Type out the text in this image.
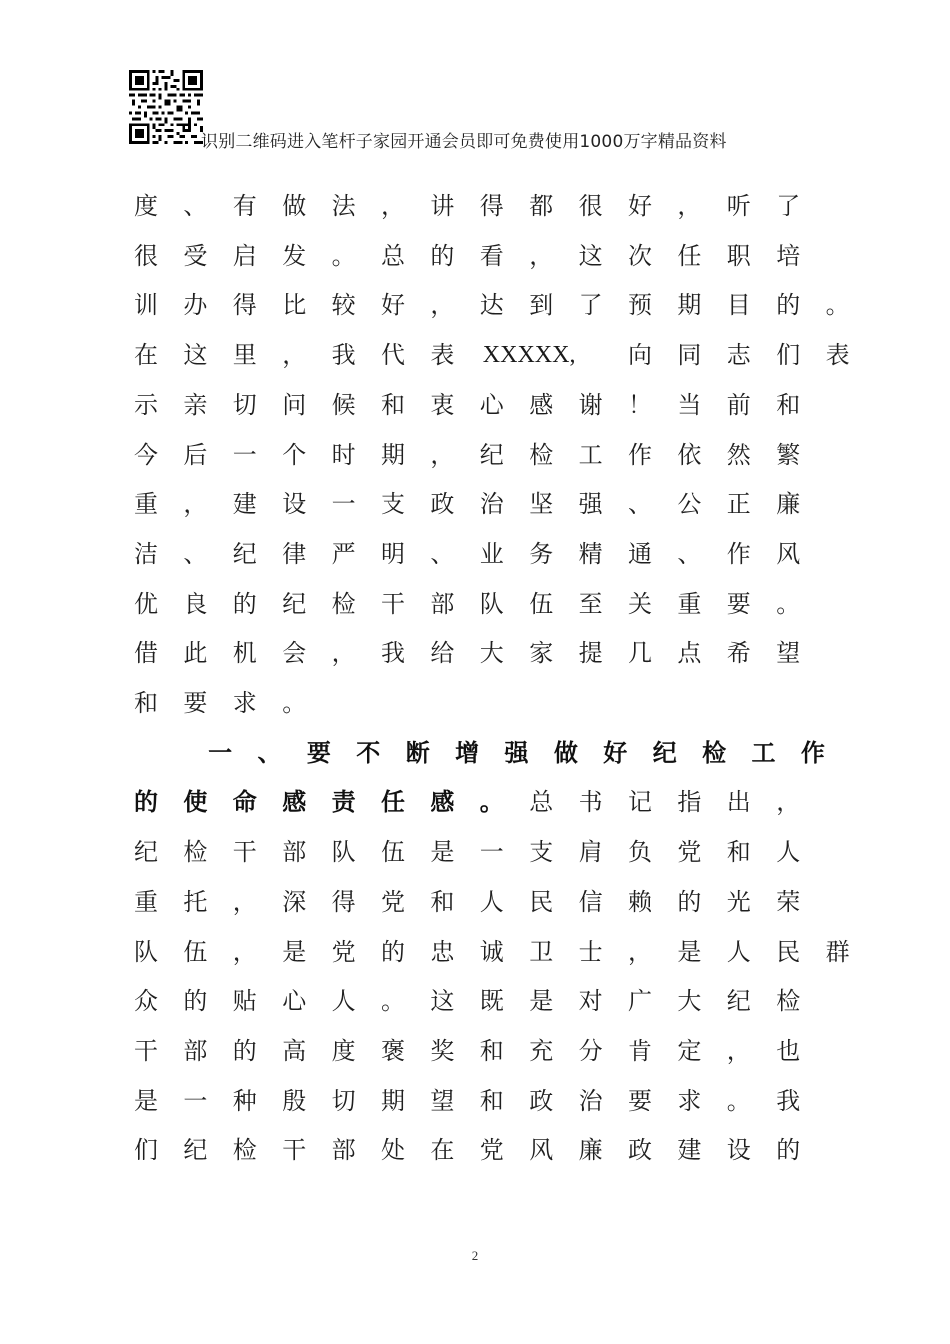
识别二维码进入笔杆子家园开通会员即可免费使用1000万字精品资料
度 、 有 做 法 ， 讲 得 都 很 好 ， 听 了
很 受 启 发 。 总 的 看 ， 这 次 任 职 培
训 办 得 比 较 好 ， 达 到 了 预 期 目 的 。
在 这 里 ， 我 代 表 XXXXX, 向 同 志 们 表
示 亲 切 问 候 和 衷 心 感 谢 ！ 当 前 和
今 后 一 个 时 期 ， 纪 检 工 作 依 然 繁
重 ， 建 设 一 支 政 治 坚 强 、 公 正 廉
洁 、 纪 律 严 明 、 业 务 精 通 、 作 风
优 良 的 纪 检 干 部 队 伍 至 关 重 要 。
借 此 机 会 ， 我 给 大 家 提 几 点 希 望
和 要 求 。
一 、 要 不 断 增 强 做 好 纪 检 工 作
的 使 命 感 责 任 感 。 总 书 记 指 出 ，
纪 检 干 部 队 伍 是 一 支 肩 负 党 和 人
重 托 ， 深 得 党 和 人 民 信 赖 的 光 荣
队 伍 ， 是 党 的 忠 诚 卫 士 ， 是 人 民 群
众 的 贴 心 人 。 这 既 是 对 广 大 纪 检
干 部 的 高 度 褒 奖 和 充 分 肯 定 ， 也
是 一 种 殷 切 期 望 和 政 治 要 求 。 我
们 纪 检 干 部 处 在 党 风 廉 政 建 设 的
2
